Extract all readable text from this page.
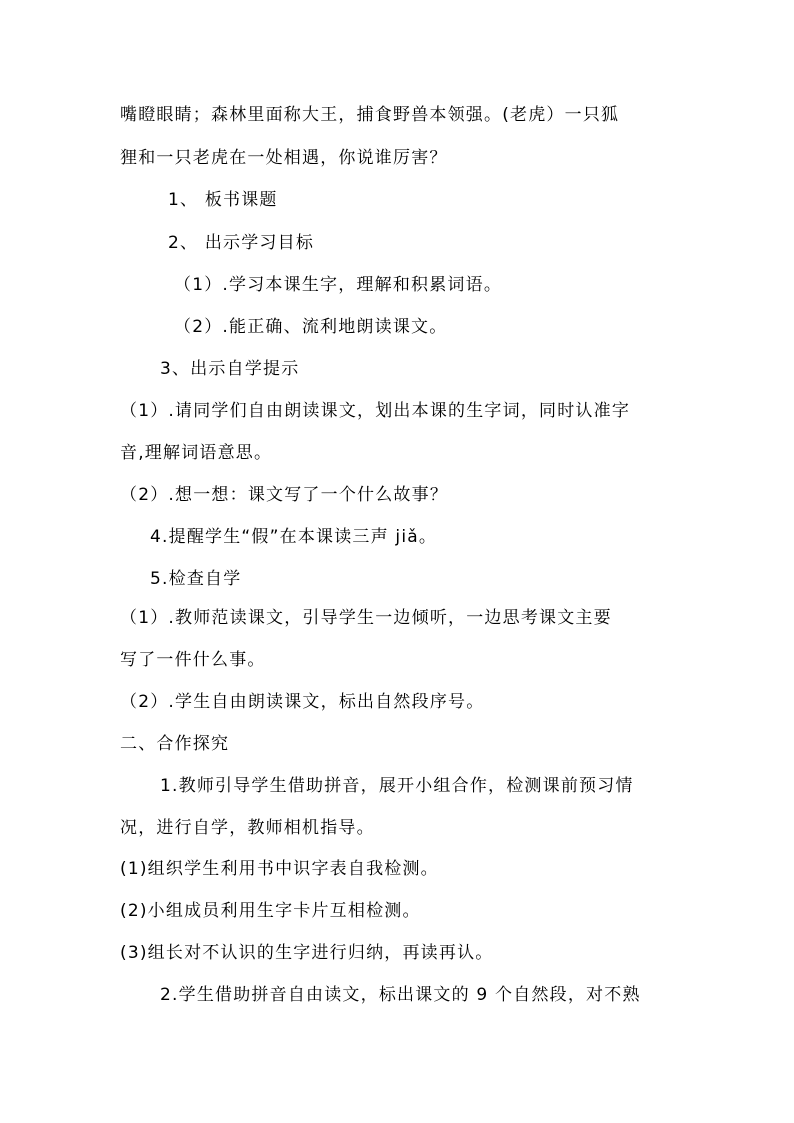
嘴瞪眼睛；森林里面称大王，捕食野兽本领强。(老虎）一只狐
狸和一只老虎在一处相遇，你说谁厉害？
1、 板书课题
2、 出示学习目标
（1）.学习本课生字，理解和积累词语。
（2）.能正确、流利地朗读课文。
3、出示自学提示
（1）.请同学们自由朗读课文，划出本课的生字词，同时认准字
音,理解词语意思。
（2）.想一想：课文写了一个什么故事？
4.提醒学生“假”在本课读三声 jiǎ。
5.检查自学
（1）.教师范读课文，引导学生一边倾听，一边思考课文主要
写了一件什么事。
（2）.学生自由朗读课文，标出自然段序号。
二、合作探究
1.教师引导学生借助拼音，展开小组合作，检测课前预习情
况，进行自学，教师相机指导。
(1)组织学生利用书中识字表自我检测。
(2)小组成员利用生字卡片互相检测。
(3)组长对不认识的生字进行归纳，再读再认。
2.学生借助拼音自由读文，标出课文的 9 个自然段，对不熟
